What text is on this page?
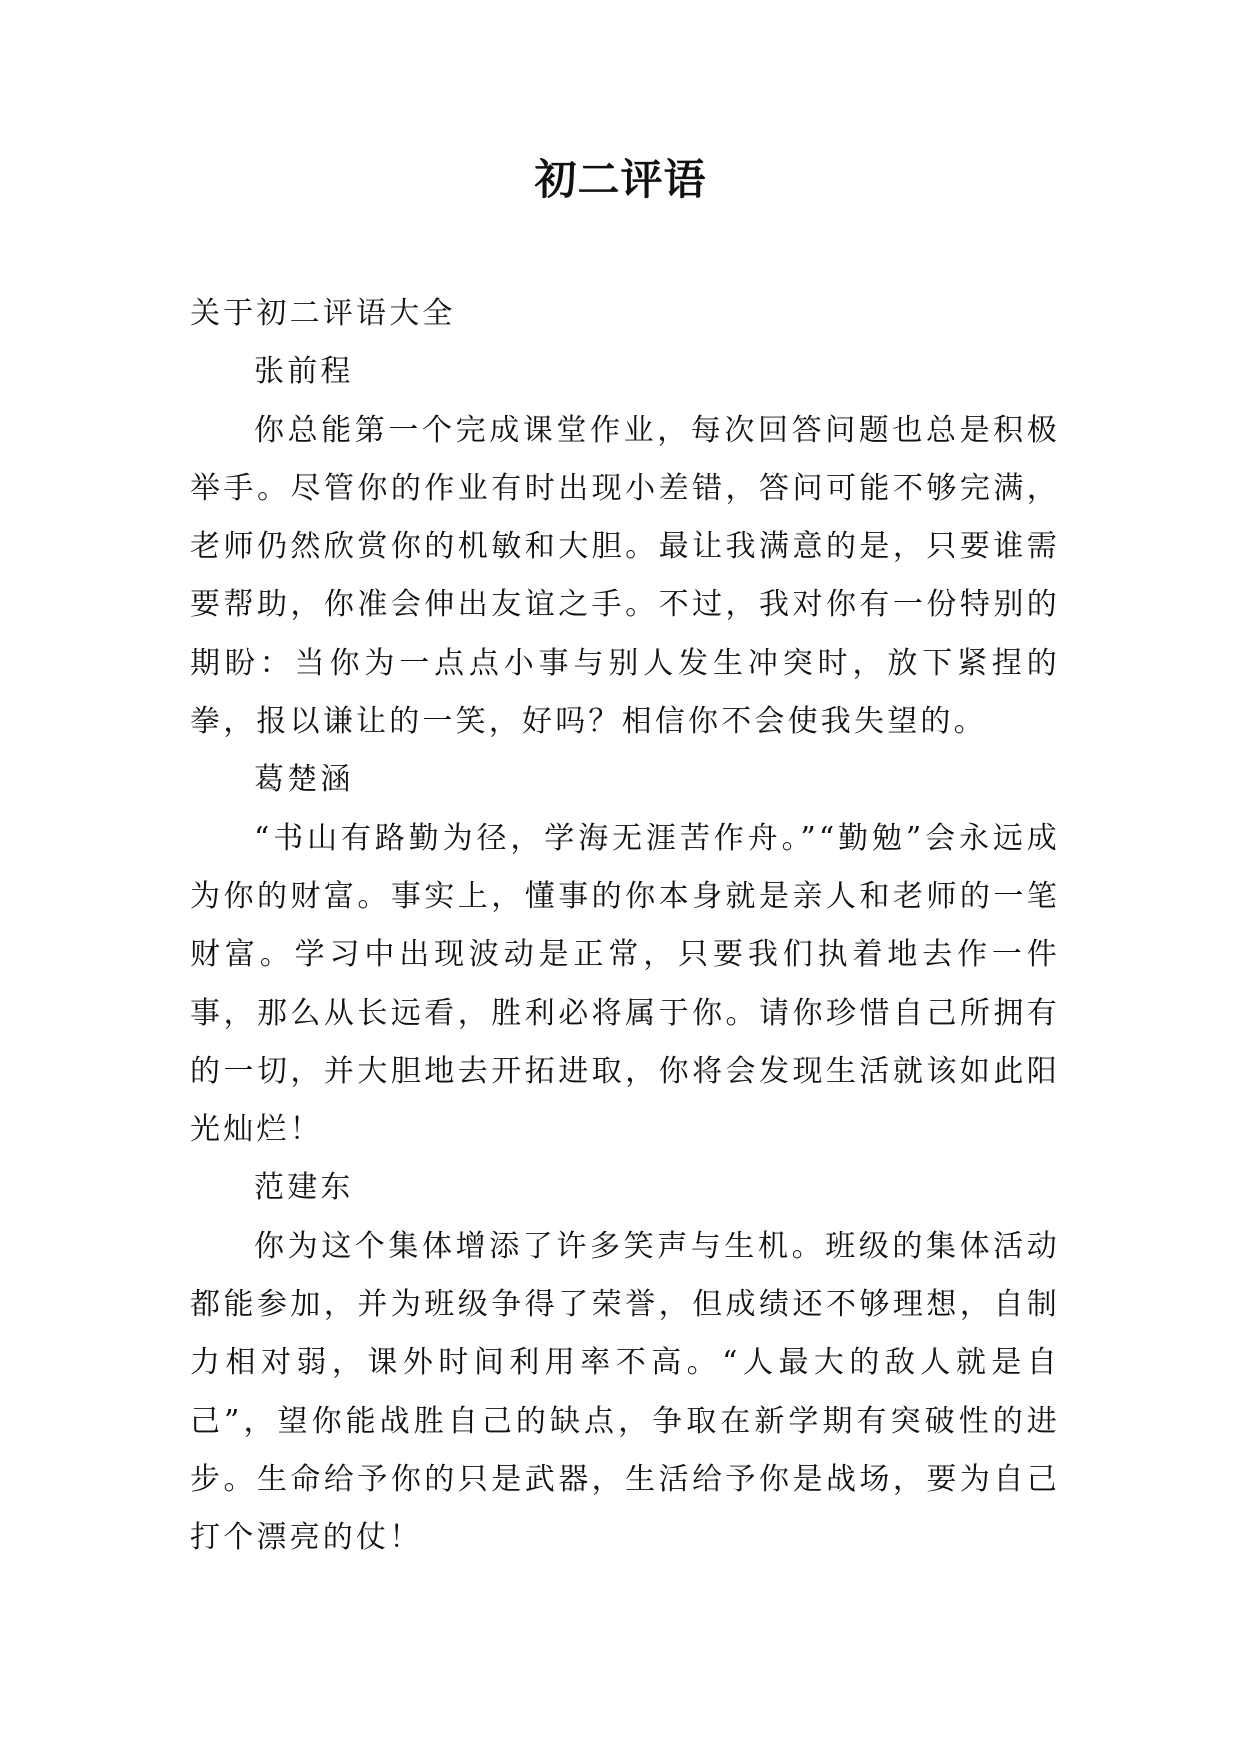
初二评语

关于初二评语大全

张前程

你总能第一个完成课堂作业，每次回答问题也总是积极举手。尽管你的作业有时出现小差错，答问可能不够完满，老师仍然欣赏你的机敏和大胆。最让我满意的是，只要谁需要帮助，你准会伸出友谊之手。不过，我对你有一份特别的期盼：当你为一点点小事与别人发生冲突时，放下紧捏的拳，报以谦让的一笑，好吗？相信你不会使我失望的。

葛楚涵

“书山有路勤为径，学海无涯苦作舟。”“勤勉”会永远成为你的财富。事实上，懂事的你本身就是亲人和老师的一笔财富。学习中出现波动是正常，只要我们执着地去作一件事，那么从长远看，胜利必将属于你。请你珍惜自己所拥有的一切，并大胆地去开拓进取，你将会发现生活就该如此阳光灿烂！

范建东

你为这个集体增添了许多笑声与生机。班级的集体活动都能参加，并为班级争得了荣誉，但成绩还不够理想，自制力相对弱，课外时间利用率不高。“人最大的敌人就是自己”，望你能战胜自己的缺点，争取在新学期有突破性的进步。生命给予你的只是武器，生活给予你是战场，要为自己打个漂亮的仗！
